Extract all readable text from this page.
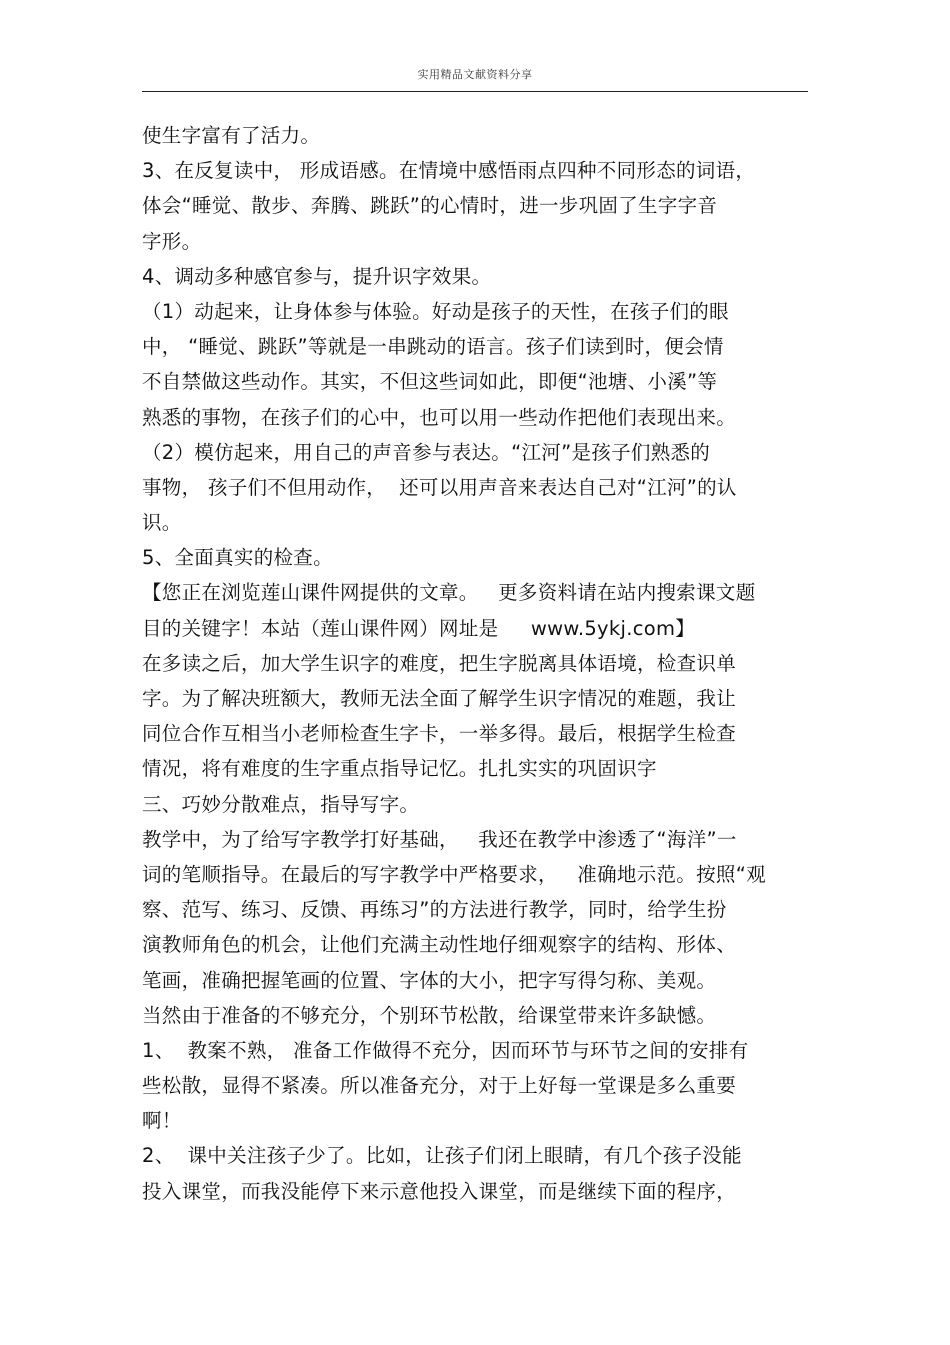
实用精品文献资料分享
使生字富有了活力。
3、在反复读中， 形成语感。在情境中感悟雨点四种不同形态的词语，
体会“睡觉、散步、奔腾、跳跃”的心情时，进一步巩固了生字字音
字形。
4、调动多种感官参与，提升识字效果。
（1）动起来，让身体参与体验。好动是孩子的天性，在孩子们的眼
中， “睡觉、跳跃”等就是一串跳动的语言。孩子们读到时，便会情
不自禁做这些动作。其实，不但这些词如此，即便“池塘、小溪”等
熟悉的事物，在孩子们的心中，也可以用一些动作把他们表现出来。
（2）模仿起来，用自己的声音参与表达。“江河”是孩子们熟悉的
事物， 孩子们不但用动作，  还可以用声音来表达自己对“江河”的认
识。
5、全面真实的检查。
【您正在浏览莲山课件网提供的文章。   更多资料请在站内搜索课文题
目的关键字！本站（莲山课件网）网址是     www.5ykj.com】
在多读之后，加大学生识字的难度，把生字脱离具体语境，检查识单
字。为了解决班额大，教师无法全面了解学生识字情况的难题，我让
同位合作互相当小老师检查生字卡，一举多得。最后，根据学生检查
情况，将有难度的生字重点指导记忆。扎扎实实的巩固识字
三、巧妙分散难点，指导写字。
教学中，为了给写字教学打好基础，   我还在教学中渗透了“海洋”一
词的笔顺指导。在最后的写字教学中严格要求，   准确地示范。按照“观
察、范写、练习、反馈、再练习”的方法进行教学，同时，给学生扮
演教师角色的机会，让他们充满主动性地仔细观察字的结构、形体、
笔画，准确把握笔画的位置、字体的大小，把字写得匀称、美观。
当然由于准备的不够充分，个别环节松散，给课堂带来许多缺憾。
1、  教案不熟， 准备工作做得不充分，因而环节与环节之间的安排有
些松散，显得不紧凑。所以准备充分，对于上好每一堂课是多么重要
啊！
2、  课中关注孩子少了。比如，让孩子们闭上眼睛，有几个孩子没能
投入课堂，而我没能停下来示意他投入课堂，而是继续下面的程序，
